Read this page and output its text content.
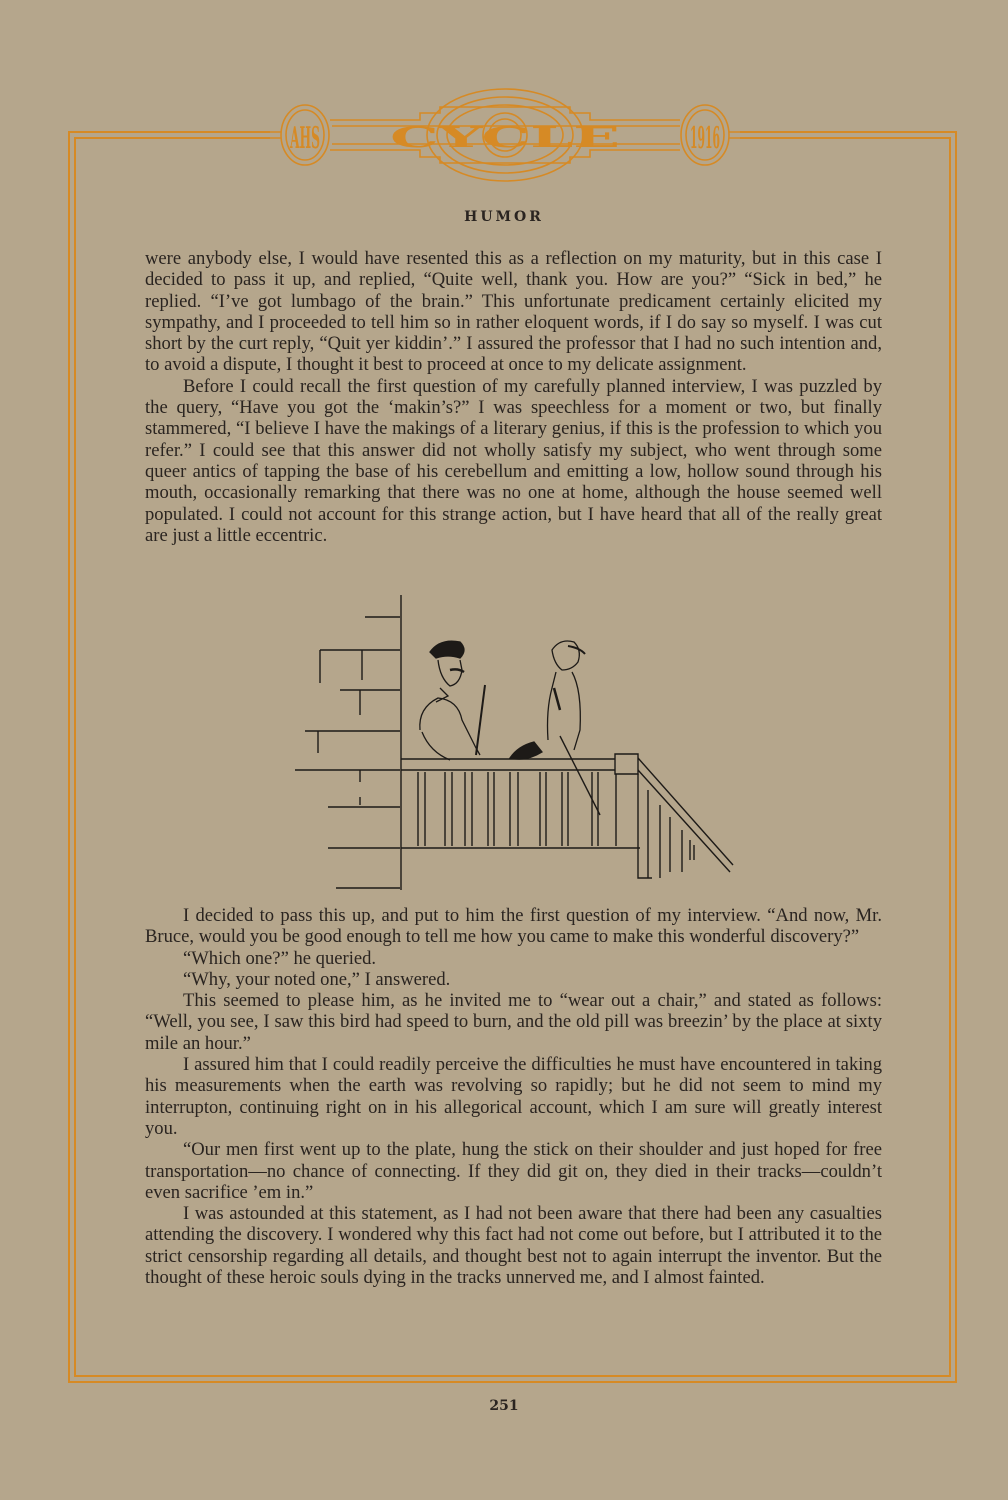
AHS	CYCLE 1916
HUMOR

were anybody else, I would have resented this as a reflection on my maturity, but in this case I decided to pass it up, and replied, “Quite well, thank you. How are you?” “Sick in bed,” he replied. “I’ve got lumbago of the brain.” This unfortunate predicament certainly elicited my sympathy, and I proceeded to tell him so in rather eloquent words, if I do say so myself. I was cut short by the curt reply, “Quit yer kiddin’.” I assured the professor that I had no such intention and, to avoid a dispute, I thought it best to proceed at once to my delicate assignment.

Before I could recall the first question of my carefully planned interview, I was puzzled by the query, “Have you got the ‘makin’s?” I was speechless for a moment or two, but finally stammered, “I believe I have the makings of a literary genius, if this is the profession to which you refer.” I could see that this answer did not wholly satisfy my subject, who went through some queer antics of tapping the base of his cerebellum and emitting a low, hollow sound through his mouth, occasionally remarking that there was no one at home, although the house seemed well populated. I could not account for this strange action, but I have heard that all of the really great are just a little eccentric.

I decided to pass this up, and put to him the first question of my interview. “And now, Mr. Bruce, would you be good enough to tell me how you came to make this wonderful discovery?”

“Which one?” he queried.

“Why, your noted one,” I answered.

This seemed to please him, as he invited me to “wear out a chair,” and stated as follows: “Well, you see, I saw this bird had speed to burn, and the old pill was breezin’ by the place at sixty mile an hour.”

I assured him that I could readily perceive the difficulties he must have encountered in taking his measurements when the earth was revolving so rapidly; but he did not seem to mind my interrupton, continuing right on in his allegorical account, which I am sure will greatly interest you.

“Our men first went up to the plate, hung the stick on their shoulder and just hoped for free transportation—no chance of connecting. If they did git on, they died in their tracks—couldn’t even sacrifice ’em in.”

I was astounded at this statement, as I had not been aware that there had been any casualties attending the discovery. I wondered why this fact had not come out before, but I attributed it to the strict censorship regarding all details, and thought best not to again interrupt the inventor. But the thought of these heroic souls dying in the tracks unnerved me, and I almost fainted.

251
